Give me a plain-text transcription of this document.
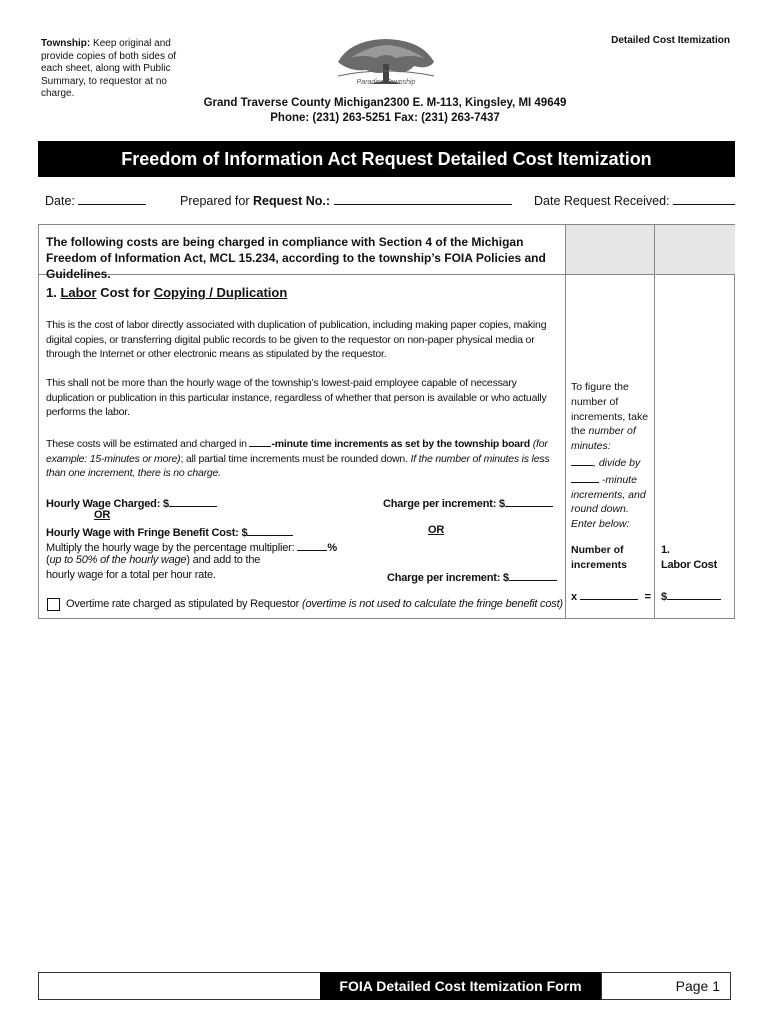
Township: Keep original and provide copies of both sides of each sheet, along with Public Summary, to requestor at no charge.
Detailed Cost Itemization
Paradise Township
Grand Traverse County Michigan2300 E. M-113, Kingsley, MI 49649
Phone: (231) 263-5251 Fax: (231) 263-7437
Freedom of Information Act Request Detailed Cost Itemization
Date:	Prepared for Request No.:	Date Request Received:
The following costs are being charged in compliance with Section 4 of the Michigan Freedom of Information Act, MCL 15.234, according to the township’s FOIA Policies and Guidelines.
1. Labor Cost for Copying / Duplication
This is the cost of labor directly associated with duplication of publication, including making paper copies, making digital copies, or transferring digital public records to be given to the requestor on non-paper physical media or through the Internet or other electronic means as stipulated by the requestor.
This shall not be more than the hourly wage of the township’s lowest-paid employee capable of necessary duplication or publication in this particular instance, regardless of whether that person is available or who actually performs the labor.
These costs will be estimated and charged in -minute time increments as set by the township board (for example: 15-minutes or more); all partial time increments must be rounded down. If the number of minutes is less than one increment, there is no charge.
Hourly Wage Charged: $
OR
Hourly Wage with Fringe Benefit Cost: $
Multiply the hourly wage by the percentage multiplier:	%
(up to 50% of the hourly wage) and add to the
hourly wage for a total per hour rate.
Charge per increment: $
OR
Charge per increment: $
Overtime rate charged as stipulated by Requestor (overtime is not used to calculate the fringe benefit cost)
To figure the number of increments, take the number of minutes:
, divide by
-minute increments, and round down. Enter below:
Number of increments
x	=
1.
Labor Cost
$
FOIA Detailed Cost Itemization Form	Page 1
